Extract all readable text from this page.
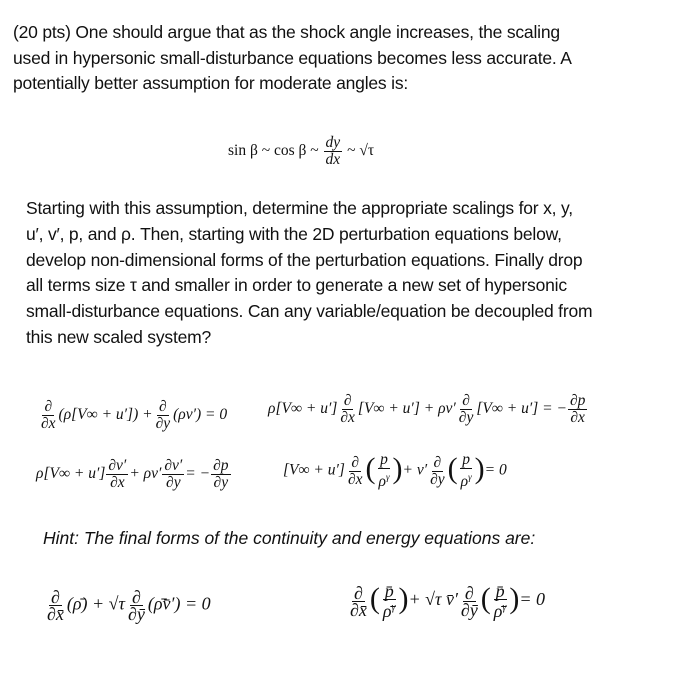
(20 pts) One should argue that as the shock angle increases, the scaling
used in hypersonic small-disturbance equations becomes less accurate. A
potentially better assumption for moderate angles is:
sin β ~ cos β ~ $\frac{dy}{dx}$ ~ √τ
Starting with this assumption, determine the appropriate scalings for x, y,
u′, v′, p, and ρ. Then, starting with the 2D perturbation equations below,
develop non-dimensional forms of the perturbation equations. Finally drop
all terms size τ and smaller in order to generate a new set of hypersonic
small-disturbance equations. Can any variable/equation be decoupled from
this new scaled system?
$\frac{\partial}{\partial x} (\rho[V\infty + u']) + \frac{\partial}{\partial y} (\rho v') = 0$	$\rho[V\infty + u'] \frac{\partial}{\partial x} [V\infty + u'] + \rho v' \frac{\partial}{\partial y} [V\infty + u']$ = − $\frac{\partial p}{\partial x}$
$\rho[V\infty + u'] \frac{\partial v'}{\partial x} + \rho v' \frac{\partial v'}{\partial y}$ = − $\frac{\partial p}{\partial y}$	$[V\infty + u'] \frac{\partial}{\partial x}$ ( $\frac{p}{\rho^\gamma}$ )+ $v' \frac{\partial}{\partial y}$ ( $\frac{p}{\rho^\gamma}$ )= 0
Hint: The final forms of the continuity and energy equations are:
$\frac{\partial}{\partial x̄}$ (ρ̄) + $√\tau \frac{\partial}{\partial ȳ}$ (ρ̄v̄′) = 0	$\frac{\partial}{\partial x̄}$ ( $\frac{p̄}{\rhō^\gamma}$ )+ √τ v̄′ $\frac{\partial}{\partial ȳ}$ ( $\frac{p̄}{\rhō^\gamma}$ )= 0
